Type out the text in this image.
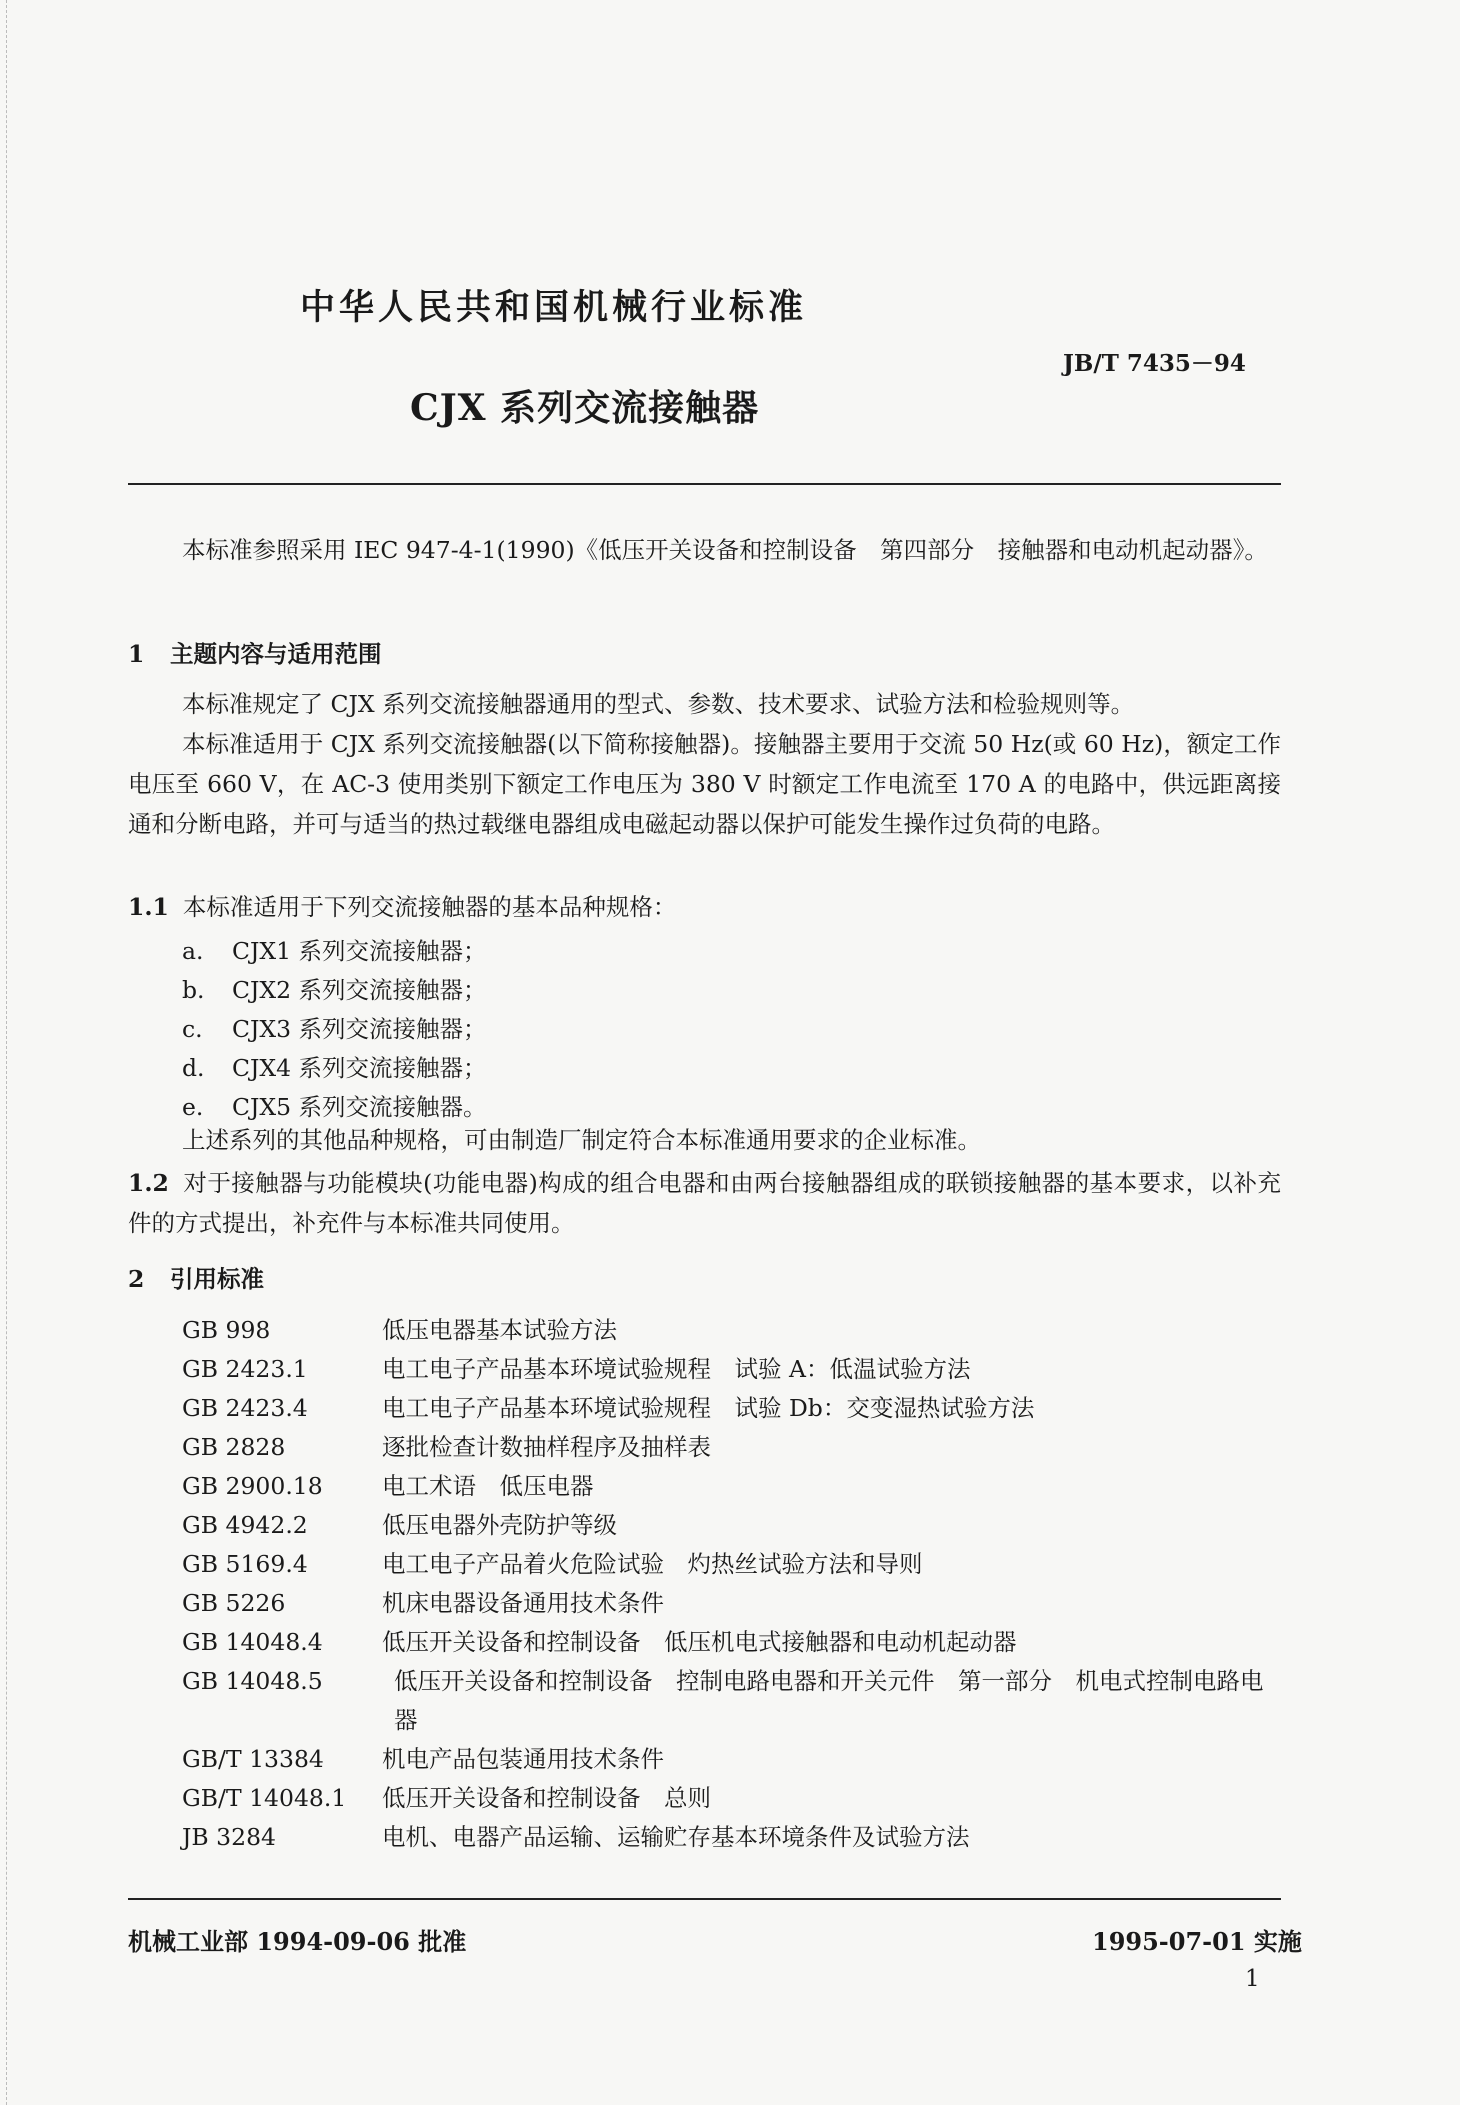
中华人民共和国机械行业标准
JB/T 7435－94
CJX 系列交流接触器
本标准参照采用 IEC 947-4-1(1990)《低压开关设备和控制设备　第四部分　接触器和电动机起动器》。
1 主题内容与适用范围
本标准规定了 CJX 系列交流接触器通用的型式、参数、技术要求、试验方法和检验规则等。
本标准适用于 CJX 系列交流接触器(以下简称接触器)。接触器主要用于交流 50 Hz(或 60 Hz)，额定工作电压至 660 V，在 AC-3 使用类别下额定工作电压为 380 V 时额定工作电流至 170 A 的电路中，供远距离接通和分断电路，并可与适当的热过载继电器组成电磁起动器以保护可能发生操作过负荷的电路。
1.1 本标准适用于下列交流接触器的基本品种规格：
a. CJX1 系列交流接触器；
b. CJX2 系列交流接触器；
c. CJX3 系列交流接触器；
d. CJX4 系列交流接触器；
e. CJX5 系列交流接触器。
上述系列的其他品种规格，可由制造厂制定符合本标准通用要求的企业标准。
1.2 对于接触器与功能模块(功能电器)构成的组合电器和由两台接触器组成的联锁接触器的基本要求，以补充件的方式提出，补充件与本标准共同使用。
2 引用标准
GB 998	低压电器基本试验方法
GB 2423.1	电工电子产品基本环境试验规程　试验 A：低温试验方法
GB 2423.4	电工电子产品基本环境试验规程　试验 Db：交变湿热试验方法
GB 2828	逐批检查计数抽样程序及抽样表
GB 2900.18	电工术语　低压电器
GB 4942.2	低压电器外壳防护等级
GB 5169.4	电工电子产品着火危险试验　灼热丝试验方法和导则
GB 5226	机床电器设备通用技术条件
GB 14048.4	低压开关设备和控制设备　低压机电式接触器和电动机起动器
GB 14048.5	低压开关设备和控制设备　控制电路电器和开关元件　第一部分　机电式控制电路电器
GB/T 13384	机电产品包装通用技术条件
GB/T 14048.1	低压开关设备和控制设备　总则
JB 3284	电机、电器产品运输、运输贮存基本环境条件及试验方法
机械工业部 1994-09-06 批准	1995-07-01 实施
1
